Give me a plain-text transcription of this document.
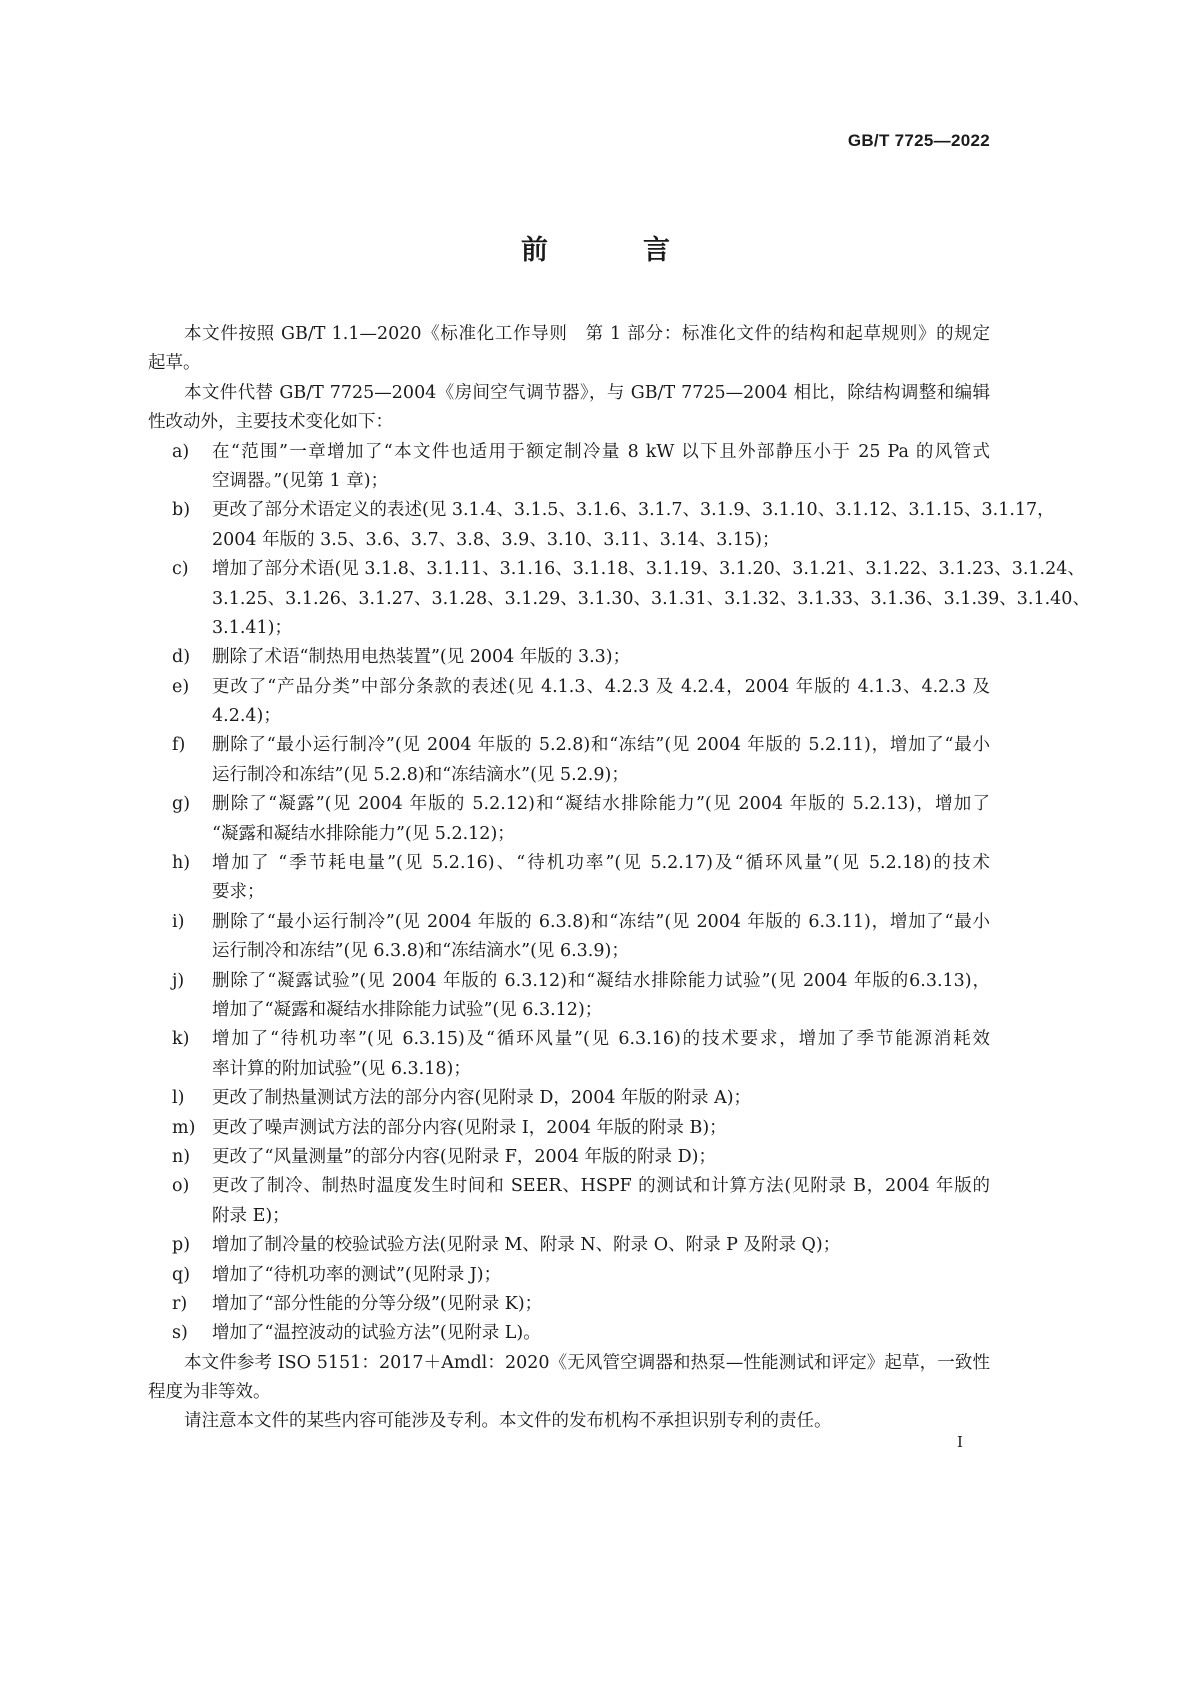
GB/T 7725—2022
前　言
本文件按照 GB/T 1.1—2020《标准化工作导则　第 1 部分：标准化文件的结构和起草规则》的规定
起草。
本文件代替 GB/T 7725—2004《房间空气调节器》，与 GB/T 7725—2004 相比，除结构调整和编辑
性改动外，主要技术变化如下：
a) 在“范围”一章增加了“本文件也适用于额定制冷量 8 kW 以下且外部静压小于 25 Pa 的风管式
空调器。”(见第 1 章)；
b) 更改了部分术语定义的表述(见 3.1.4、3.1.5、3.1.6、3.1.7、3.1.9、3.1.10、3.1.12、3.1.15、3.1.17，
2004 年版的 3.5、3.6、3.7、3.8、3.9、3.10、3.11、3.14、3.15)；
c) 增加了部分术语(见 3.1.8、3.1.11、3.1.16、3.1.18、3.1.19、3.1.20、3.1.21、3.1.22、3.1.23、3.1.24、
3.1.25、3.1.26、3.1.27、3.1.28、3.1.29、3.1.30、3.1.31、3.1.32、3.1.33、3.1.36、3.1.39、3.1.40、
3.1.41)；
d) 删除了术语“制热用电热装置”(见 2004 年版的 3.3)；
e) 更改了“产品分类”中部分条款的表述(见 4.1.3、4.2.3 及 4.2.4，2004 年版的 4.1.3、4.2.3 及
4.2.4)；
f) 删除了“最小运行制冷”(见 2004 年版的 5.2.8)和“冻结”(见 2004 年版的 5.2.11)，增加了“最小
运行制冷和冻结”(见 5.2.8)和“冻结滴水”(见 5.2.9)；
g) 删除了“凝露”(见 2004 年版的 5.2.12)和“凝结水排除能力”(见 2004 年版的 5.2.13)，增加了
“凝露和凝结水排除能力”(见 5.2.12)；
h) 增加了 “季节耗电量”(见 5.2.16)、“待机功率”(见 5.2.17)及“循环风量”(见 5.2.18)的技术
要求；
i) 删除了“最小运行制冷”(见 2004 年版的 6.3.8)和“冻结”(见 2004 年版的 6.3.11)，增加了“最小
运行制冷和冻结”(见 6.3.8)和“冻结滴水”(见 6.3.9)；
j) 删除了“凝露试验”(见 2004 年版的 6.3.12)和“凝结水排除能力试验”(见 2004 年版的6.3.13)，
增加了“凝露和凝结水排除能力试验”(见 6.3.12)；
k) 增加了“待机功率”(见 6.3.15)及“循环风量”(见 6.3.16)的技术要求，增加了季节能源消耗效
率计算的附加试验”(见 6.3.18)；
l) 更改了制热量测试方法的部分内容(见附录 D，2004 年版的附录 A)；
m) 更改了噪声测试方法的部分内容(见附录 I，2004 年版的附录 B)；
n) 更改了“风量测量”的部分内容(见附录 F，2004 年版的附录 D)；
o) 更改了制冷、制热时温度发生时间和 SEER、HSPF 的测试和计算方法(见附录 B，2004 年版的
附录 E)；
p) 增加了制冷量的校验试验方法(见附录 M、附录 N、附录 O、附录 P 及附录 Q)；
q) 增加了“待机功率的测试”(见附录 J)；
r) 增加了“部分性能的分等分级”(见附录 K)；
s) 增加了“温控波动的试验方法”(见附录 L)。
本文件参考 ISO 5151：2017＋Amdl：2020《无风管空调器和热泵—性能测试和评定》起草，一致性
程度为非等效。
请注意本文件的某些内容可能涉及专利。本文件的发布机构不承担识别专利的责任。
I
